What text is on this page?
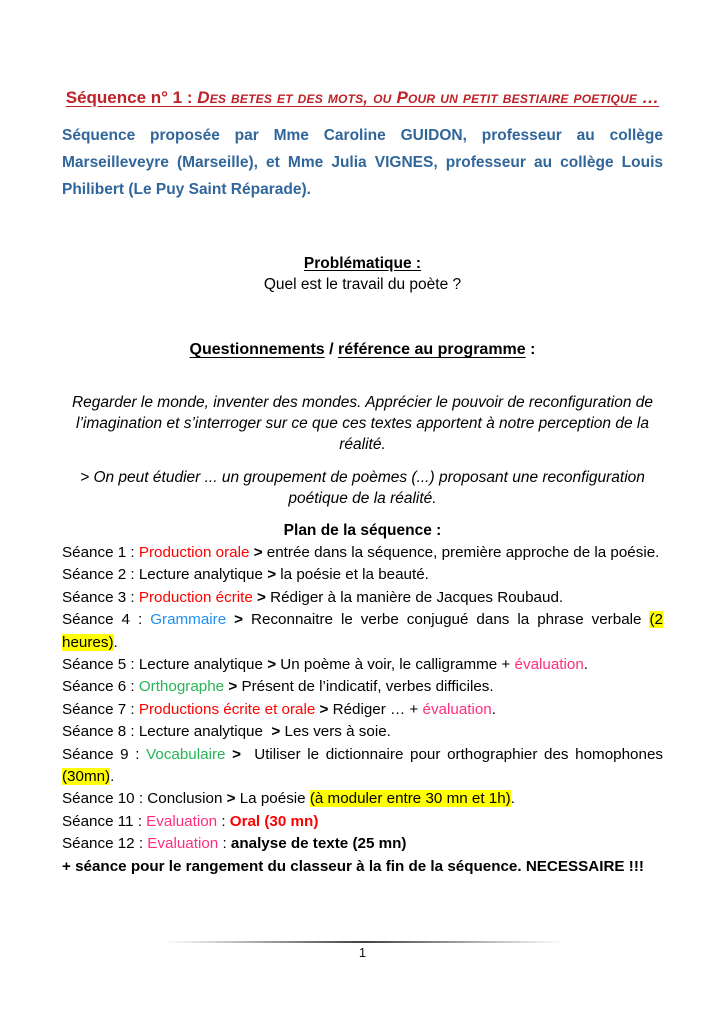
Séquence n° 1 : Des betes et des mots, ou Pour un petit bestiaire poetique …

Séquence proposée par Mme Caroline GUIDON, professeur au collège Marseilleveyre (Marseille), et Mme Julia VIGNES, professeur au collège Louis Philibert (Le Puy Saint Réparade).

Problématique :
Quel est le travail du poète ?
Questionnements / référence au programme :
Regarder le monde, inventer des mondes. Apprécier le pouvoir de reconfiguration de l’imagination et s’interroger sur ce que ces textes apportent à notre perception de la réalité.
> On peut étudier ... un groupement de poèmes (...) proposant une reconfiguration poétique de la réalité.
Plan de la séquence :
Séance 1 : Production orale > entrée dans la séquence, première approche de la poésie.
Séance 2 : Lecture analytique > la poésie et la beauté.
Séance 3 : Production écrite > Rédiger à la manière de Jacques Roubaud.
Séance 4 : Grammaire > Reconnaitre le verbe conjugué dans la phrase verbale (2 heures).
Séance 5 : Lecture analytique > Un poème à voir, le calligramme + évaluation.
Séance 6 : Orthographe > Présent de l’indicatif, verbes difficiles.
Séance 7 : Productions écrite et orale > Rédiger … + évaluation.
Séance 8 : Lecture analytique  > Les vers à soie.
Séance 9 : Vocabulaire >  Utiliser le dictionnaire pour orthographier des homophones (30mn).
Séance 10 : Conclusion > La poésie (à moduler entre 30 mn et 1h).
Séance 11 : Evaluation : Oral (30 mn)
Séance 12 : Evaluation : analyse de texte (25 mn)
+ séance pour le rangement du classeur à la fin de la séquence. NECESSAIRE !!!
1
